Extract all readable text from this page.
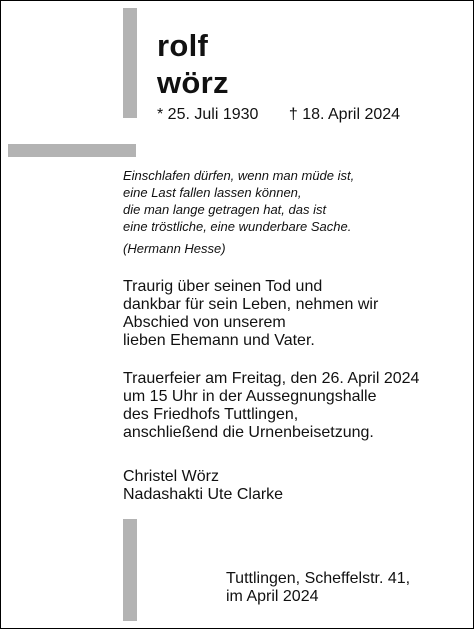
rolf
wörz
* 25. Juli 1930 † 18. April 2024
Einschlafen dürfen, wenn man müde ist,
eine Last fallen lassen können,
die man lange getragen hat, das ist
eine tröstliche, eine wunderbare Sache.
(Hermann Hesse)
Traurig über seinen Tod und
dankbar für sein Leben, nehmen wir
Abschied von unserem
lieben Ehemann und Vater.
Trauerfeier am Freitag, den 26. April 2024
um 15 Uhr in der Aussegnungshalle
des Friedhofs Tuttlingen,
anschließend die Urnenbeisetzung.
Christel Wörz
Nadashakti Ute Clarke
Tuttlingen, Scheffelstr. 41,
im April 2024
